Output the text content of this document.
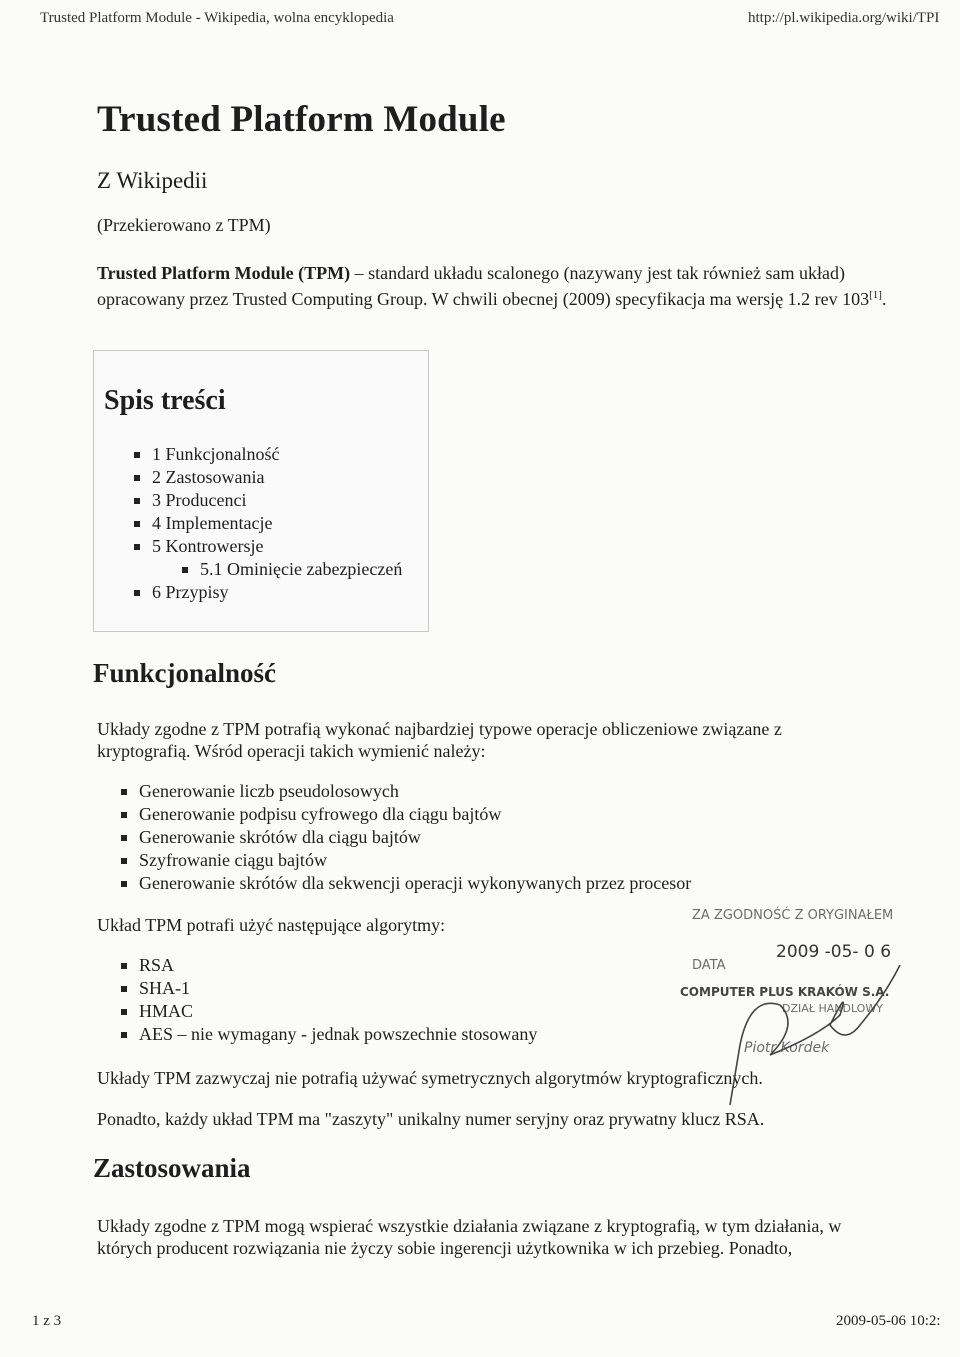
Trusted Platform Module - Wikipedia, wolna encyklopedia	http://pl.wikipedia.org/wiki/TPI
Trusted Platform Module
Z Wikipedii
(Przekierowano z TPM)
Trusted Platform Module (TPM) – standard układu scalonego (nazywany jest tak również sam układ) opracowany przez Trusted Computing Group. W chwili obecnej (2009) specyfikacja ma wersję 1.2 rev 103[1].
Spis treści
1 Funkcjonalność
2 Zastosowania
3 Producenci
4 Implementacje
5 Kontrowersje
5.1 Ominięcie zabezpieczeń
6 Przypisy
Funkcjonalność
Układy zgodne z TPM potrafią wykonać najbardziej typowe operacje obliczeniowe związane z kryptografią. Wśród operacji takich wymienić należy:
Generowanie liczb pseudolosowych
Generowanie podpisu cyfrowego dla ciągu bajtów
Generowanie skrótów dla ciągu bajtów
Szyfrowanie ciągu bajtów
Generowanie skrótów dla sekwencji operacji wykonywanych przez procesor
Układ TPM potrafi użyć następujące algorytmy:
RSA
SHA-1
HMAC
AES – nie wymagany - jednak powszechnie stosowany
Układy TPM zazwyczaj nie potrafią używać symetrycznych algorytmów kryptograficznych.
Ponadto, każdy układ TPM ma "zaszyty" unikalny numer seryjny oraz prywatny klucz RSA.
ZA ZGODNOŚĆ Z ORYGINAŁEM
DATA
2009 -05- 0 6
COMPUTER PLUS KRAKÓW S.A.
DZIAŁ HANDLOWY
Piotr Kordek
Zastosowania
Układy zgodne z TPM mogą wspierać wszystkie działania związane z kryptografią, w tym działania, w których producent rozwiązania nie życzy sobie ingerencji użytkownika w ich przebieg. Ponadto,
1 z 3	2009-05-06 10:2:
